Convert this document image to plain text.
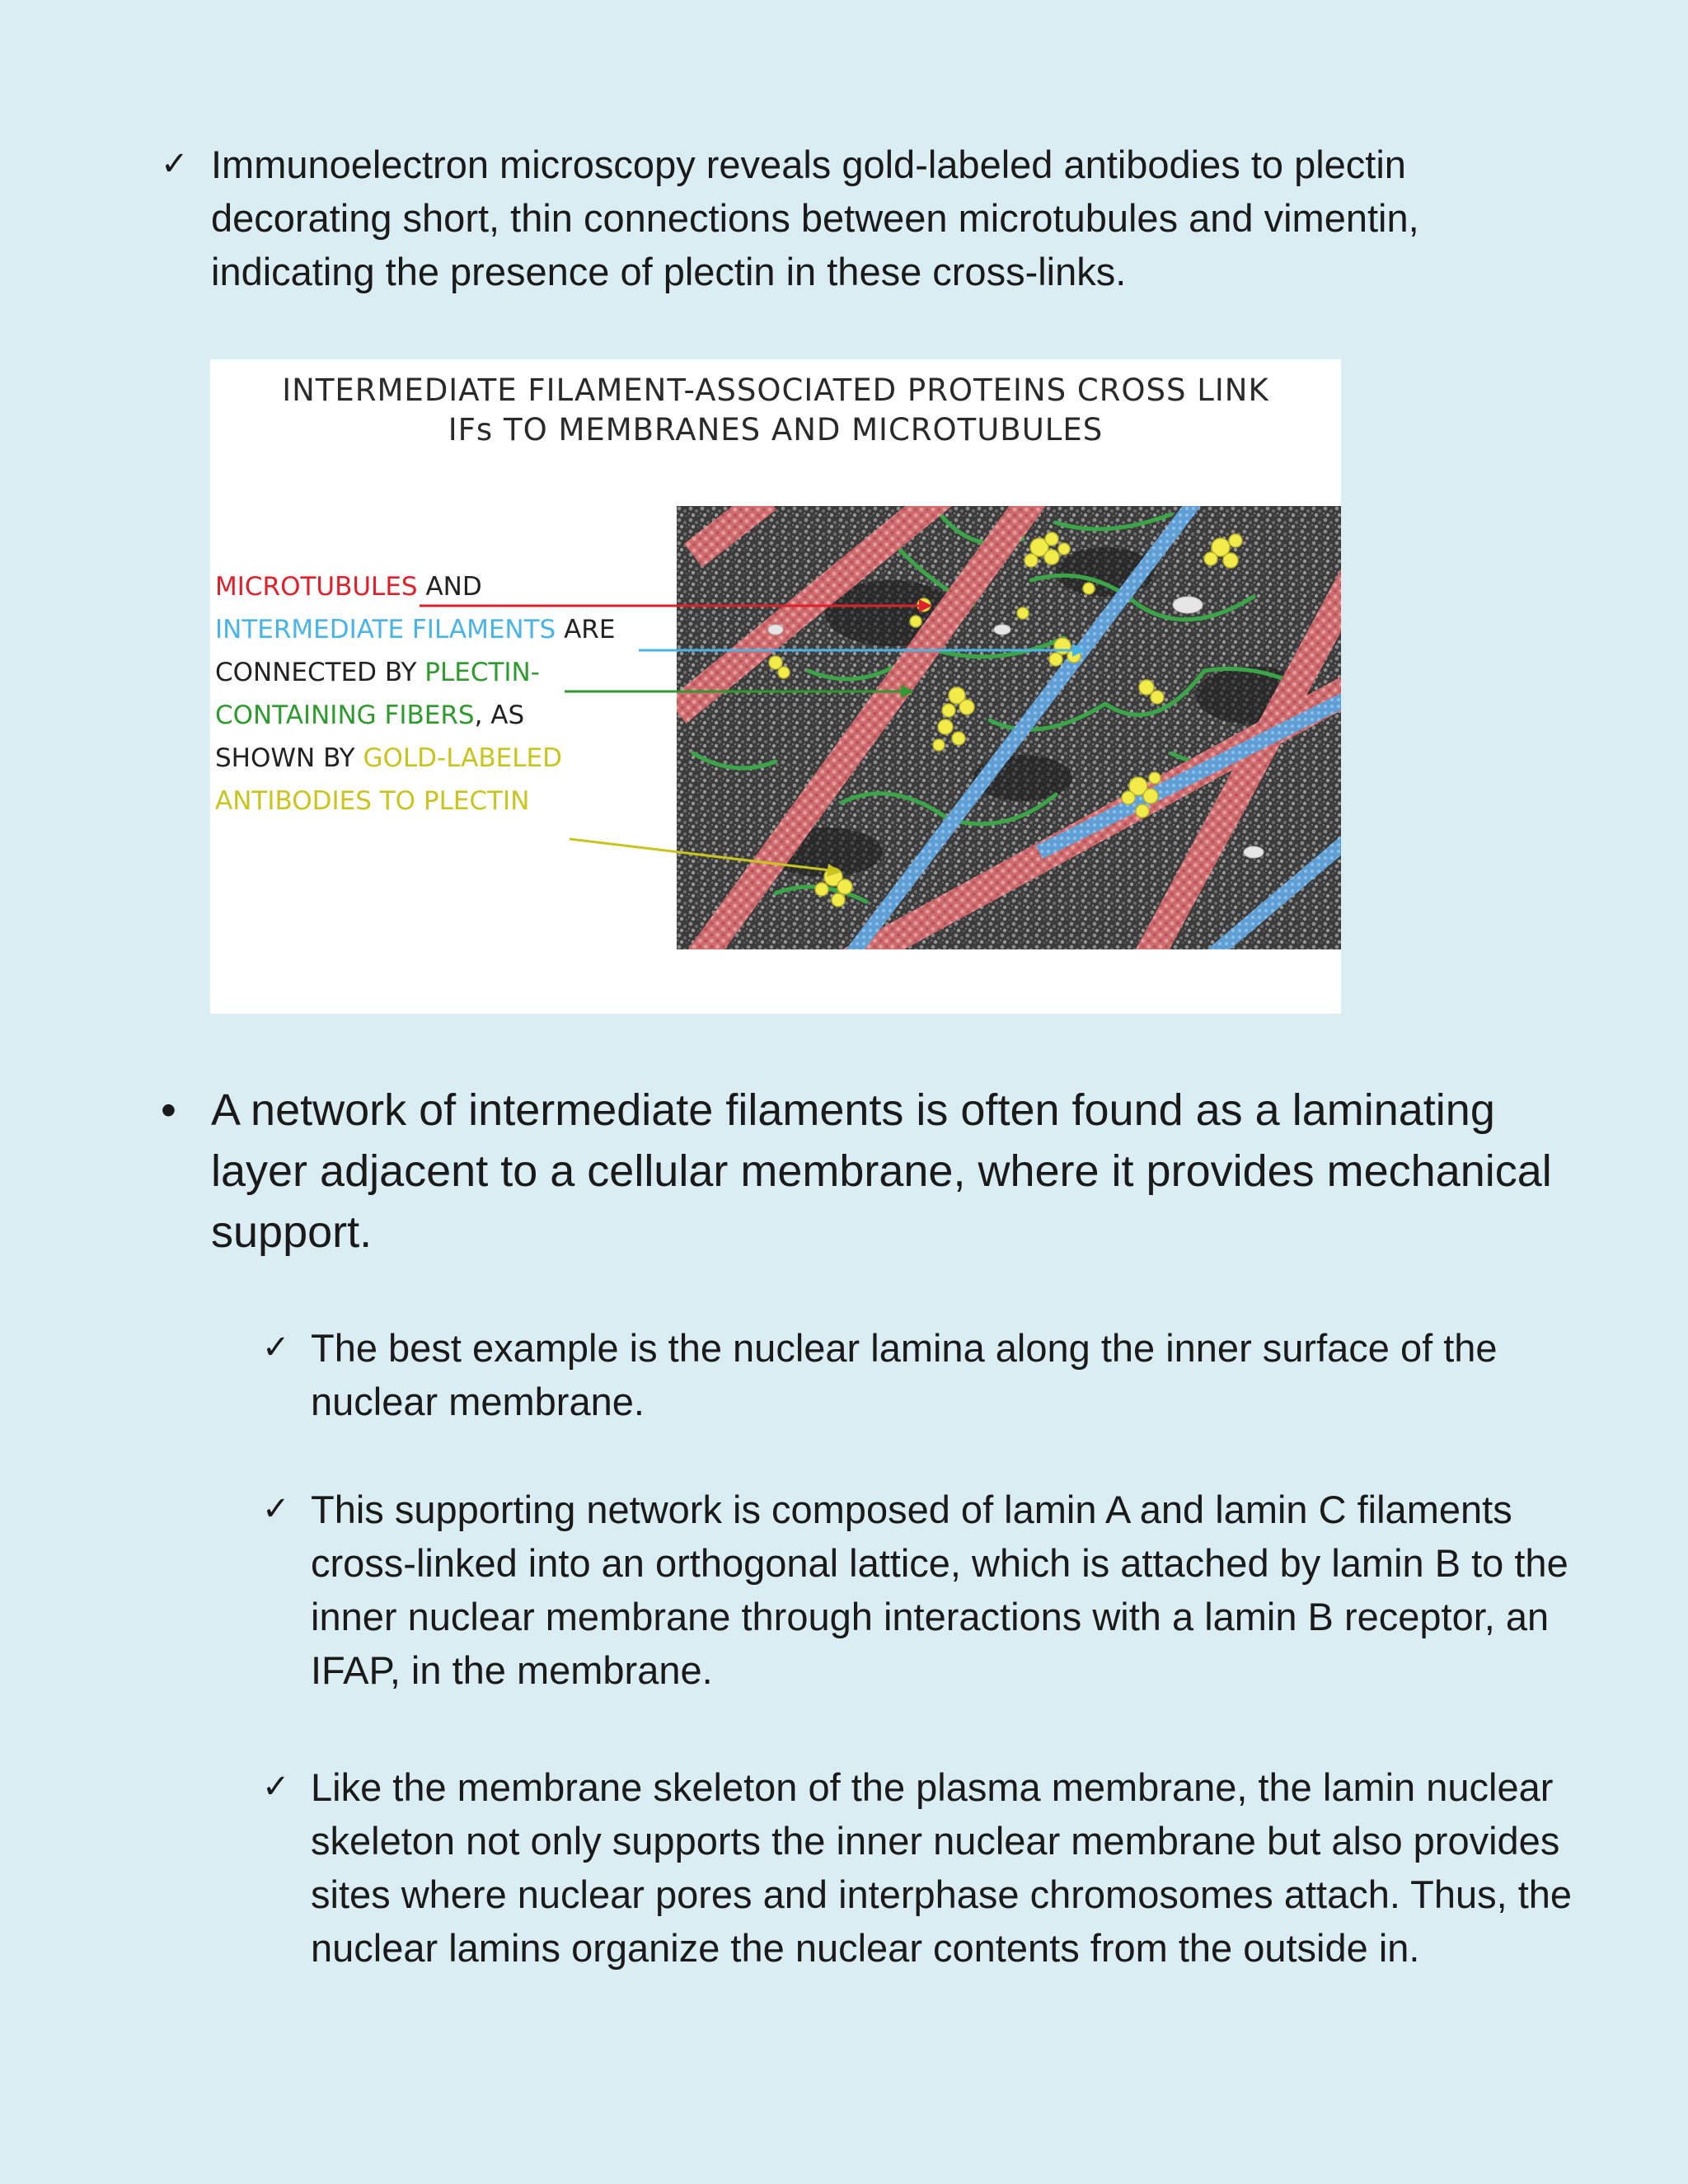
✓ Immunoelectron microscopy reveals gold-labeled antibodies to plectin decorating short, thin connections between microtubules and vimentin, indicating the presence of plectin in these cross-links.
INTERMEDIATE FILAMENT-ASSOCIATED PROTEINS CROSS LINK
IFs TO MEMBRANES AND MICROTUBULES
MICROTUBULES AND
INTERMEDIATE FILAMENTS ARE
CONNECTED BY PLECTIN-
CONTAINING FIBERS, AS
SHOWN BY GOLD-LABELED
ANTIBODIES TO PLECTIN
• A network of intermediate filaments is often found as a laminating layer adjacent to a cellular membrane, where it provides mechanical support.
✓ The best example is the nuclear lamina along the inner surface of the nuclear membrane.
✓ This supporting network is composed of lamin A and lamin C filaments cross-linked into an orthogonal lattice, which is attached by lamin B to the inner nuclear membrane through interactions with a lamin B receptor, an IFAP, in the membrane.
✓ Like the membrane skeleton of the plasma membrane, the lamin nuclear skeleton not only supports the inner nuclear membrane but also provides sites where nuclear pores and interphase chromosomes attach. Thus, the nuclear lamins organize the nuclear contents from the outside in.
